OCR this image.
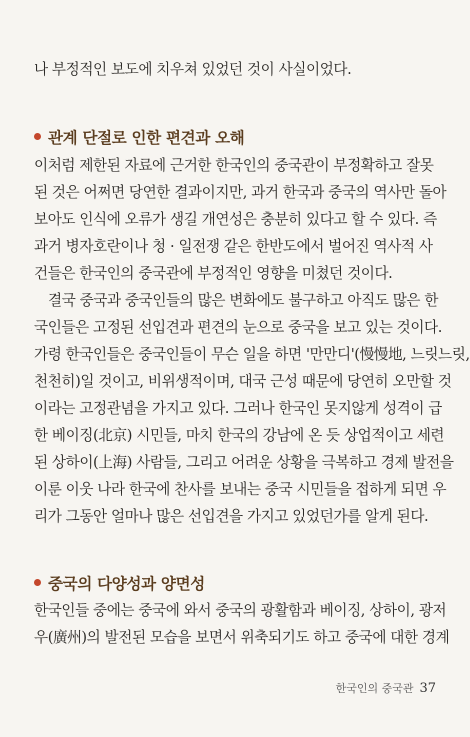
나 부정적인 보도에 치우쳐 있었던 것이 사실이었다.
관계 단절로 인한 편견과 오해
이처럼 제한된 자료에 근거한 한국인의 중국관이 부정확하고 잘못
된 것은 어쩌면 당연한 결과이지만, 과거 한국과 중국의 역사만 돌아
보아도 인식에 오류가 생길 개연성은 충분히 있다고 할 수 있다. 즉
과거 병자호란이나 청 · 일전쟁 같은 한반도에서 벌어진 역사적 사
건들은 한국인의 중국관에 부정적인 영향을 미쳤던 것이다.
결국 중국과 중국인들의 많은 변화에도 불구하고 아직도 많은 한
국인들은 고정된 선입견과 편견의 눈으로 중국을 보고 있는 것이다.
가령 한국인들은 중국인들이 무슨 일을 하면 '만만디'(慢慢地, 느릿느릿,
천천히)일 것이고, 비위생적이며, 대국 근성 때문에 당연히 오만할 것
이라는 고정관념을 가지고 있다. 그러나 한국인 못지않게 성격이 급
한 베이징(北京) 시민들, 마치 한국의 강남에 온 듯 상업적이고 세련
된 상하이(上海) 사람들, 그리고 어려운 상황을 극복하고 경제 발전을
이룬 이웃 나라 한국에 찬사를 보내는 중국 시민들을 접하게 되면 우
리가 그동안 얼마나 많은 선입견을 가지고 있었던가를 알게 된다.
중국의 다양성과 양면성
한국인들 중에는 중국에 와서 중국의 광활함과 베이징, 상하이, 광저
우(廣州)의 발전된 모습을 보면서 위축되기도 하고 중국에 대한 경계
한국인의 중국관 37
